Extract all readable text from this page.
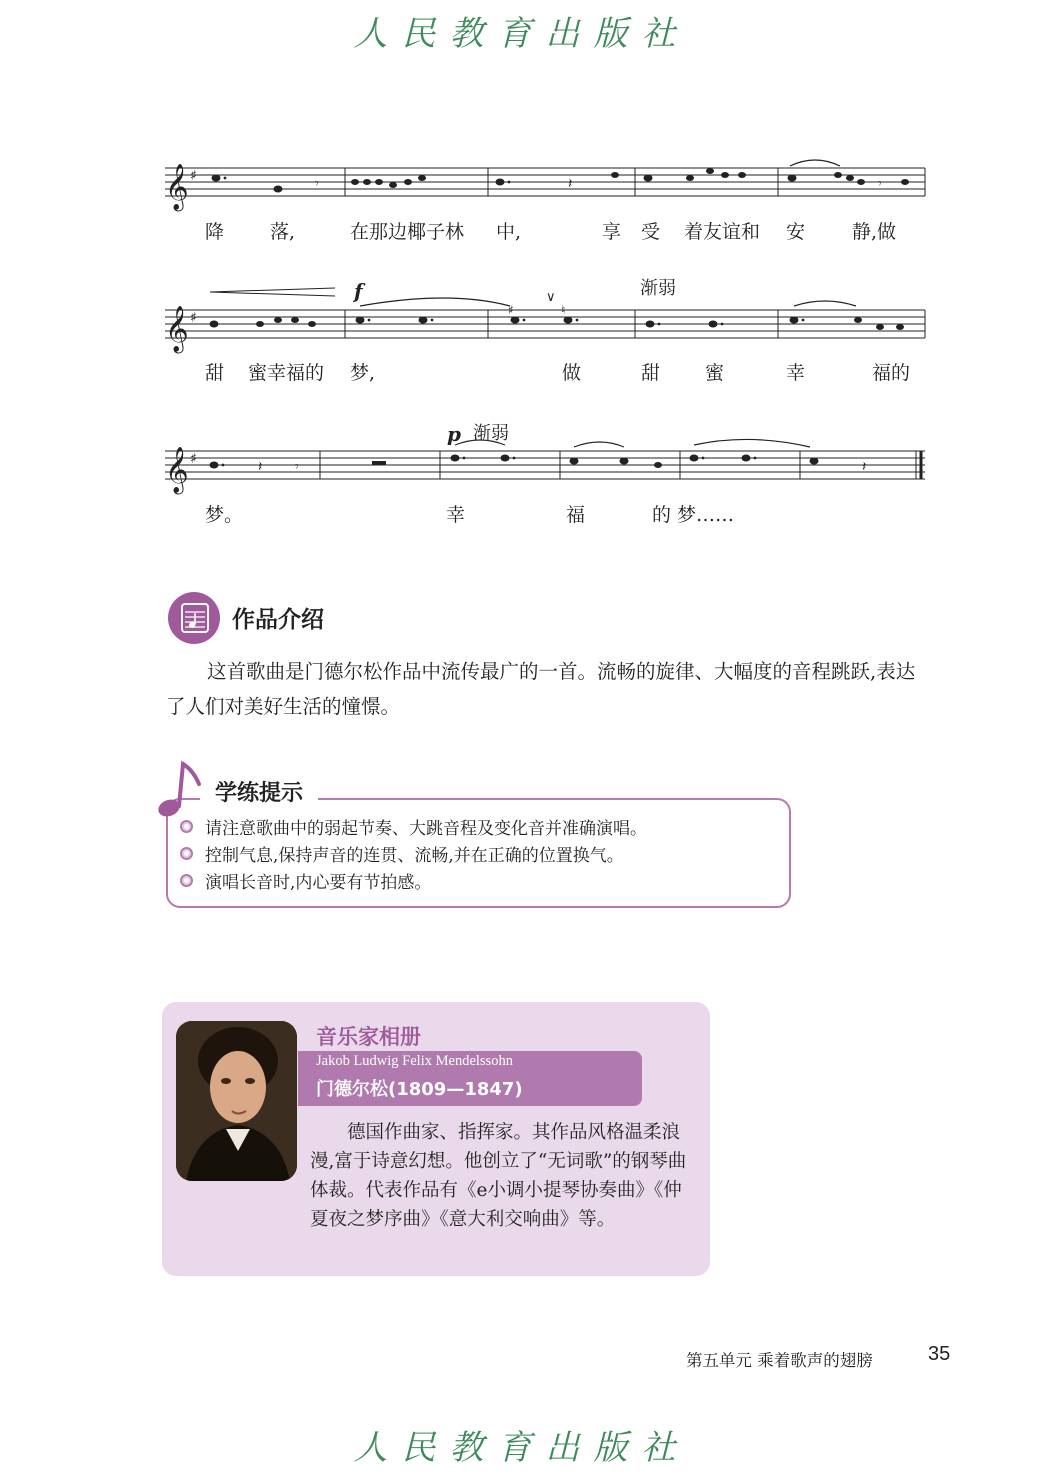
人民教育出版社
𝄞 ♯	𝄾	𝄽	𝄾
降 落,	在那边椰子林 中,	享 受 着友谊和 安 静,做
𝄞 ♯	♯	♮
f	∨	渐弱
甜 蜜幸福的 梦,	做	甜 蜜	幸	福的
𝄞 ♯	𝄽 𝄾	𝄽
p 渐弱
梦。	幸	福	的 梦……
作品介绍
这首歌曲是门德尔松作品中流传最广的一首。流畅的旋律、大幅度的音程跳跃,表达了人们对美好生活的憧憬。
学练提示
请注意歌曲中的弱起节奏、大跳音程及变化音并准确演唱。
控制气息,保持声音的连贯、流畅,并在正确的位置换气。
演唱长音时,内心要有节拍感。
音乐家相册
Jakob Ludwig Felix Mendelssohn
门德尔松(1809—1847)
德国作曲家、指挥家。其作品风格温柔浪漫,富于诗意幻想。他创立了“无词歌”的钢琴曲体裁。代表作品有《e小调小提琴协奏曲》《仲夏夜之梦序曲》《意大利交响曲》等。
第五单元 乘着歌声的翅膀	35
人民教育出版社
